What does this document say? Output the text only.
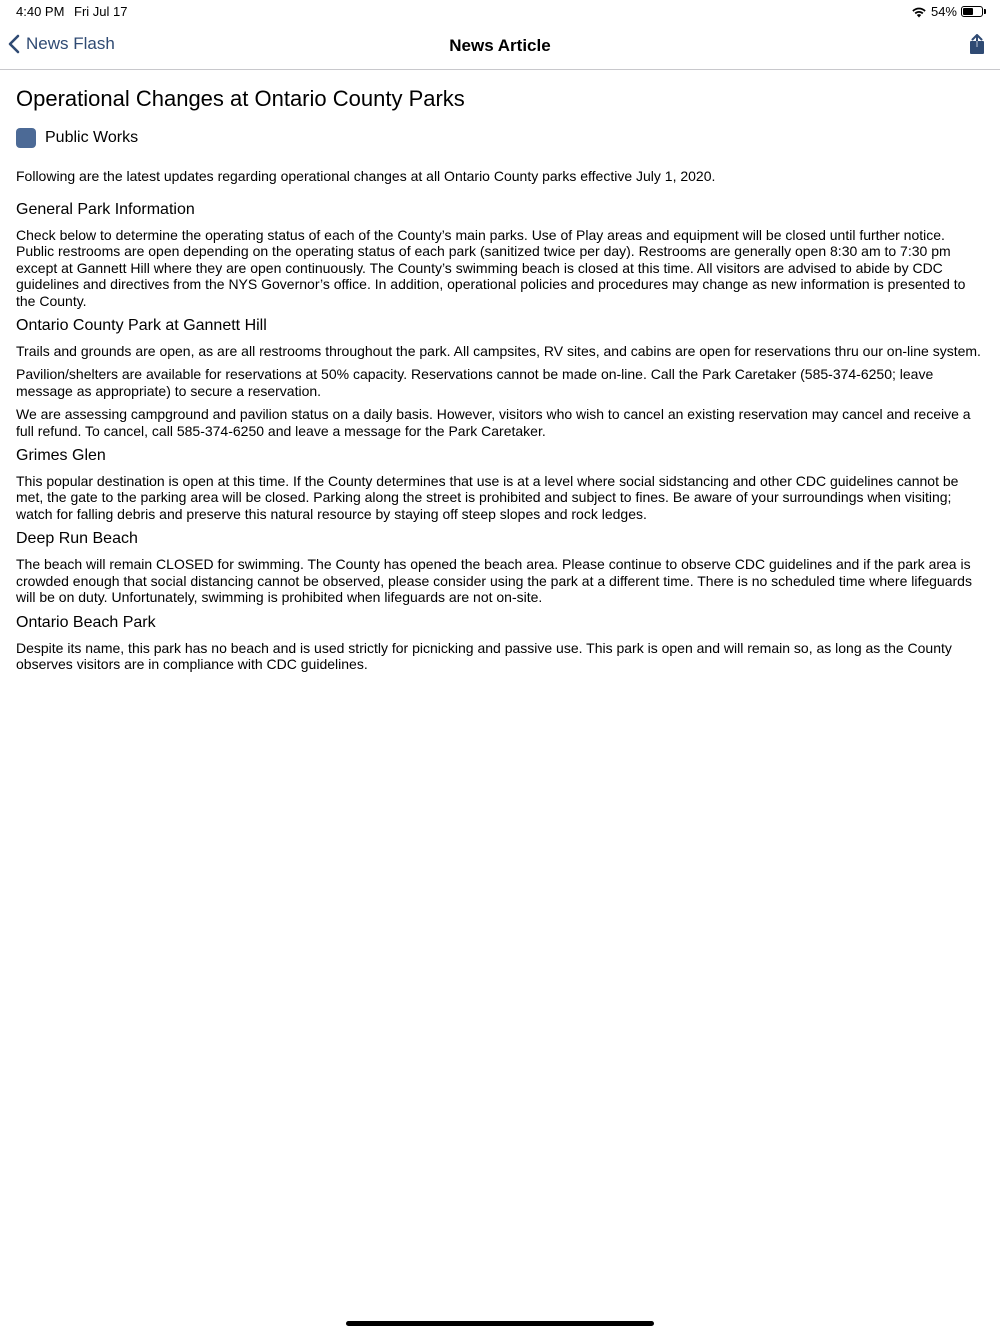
4:40 PM Fri Jul 17	54%
News Flash	News Article
Operational Changes at Ontario County Parks
Public Works

Following are the latest updates regarding operational changes at all Ontario County parks effective July 1, 2020.

General Park Information

Check below to determine the operating status of each of the County’s main parks. Use of Play areas and equipment will be closed until further notice. Public restrooms are open depending on the operating status of each park (sanitized twice per day). Restrooms are generally open 8:30 am to 7:30 pm except at Gannett Hill where they are open continuously. The County’s swimming beach is closed at this time. All visitors are advised to abide by CDC guidelines and directives from the NYS Governor’s office. In addition, operational policies and procedures may change as new information is presented to the County.

Ontario County Park at Gannett Hill

Trails and grounds are open, as are all restrooms throughout the park. All campsites, RV sites, and cabins are open for reservations thru our on-line system.

Pavilion/shelters are available for reservations at 50% capacity. Reservations cannot be made on-line. Call the Park Caretaker (585-374-6250; leave message as appropriate) to secure a reservation.

We are assessing campground and pavilion status on a daily basis. However, visitors who wish to cancel an existing reservation may cancel and receive a full refund. To cancel, call 585-374-6250 and leave a message for the Park Caretaker.

Grimes Glen

This popular destination is open at this time. If the County determines that use is at a level where social sidstancing and other CDC guidelines cannot be met, the gate to the parking area will be closed. Parking along the street is prohibited and subject to fines. Be aware of your surroundings when visiting; watch for falling debris and preserve this natural resource by staying off steep slopes and rock ledges.

Deep Run Beach

The beach will remain CLOSED for swimming. The County has opened the beach area. Please continue to observe CDC guidelines and if the park area is crowded enough that social distancing cannot be observed, please consider using the park at a different time. There is no scheduled time where lifeguards will be on duty. Unfortunately, swimming is prohibited when lifeguards are not on-site.

Ontario Beach Park

Despite its name, this park has no beach and is used strictly for picnicking and passive use. This park is open and will remain so, as long as the County observes visitors are in compliance with CDC guidelines.
